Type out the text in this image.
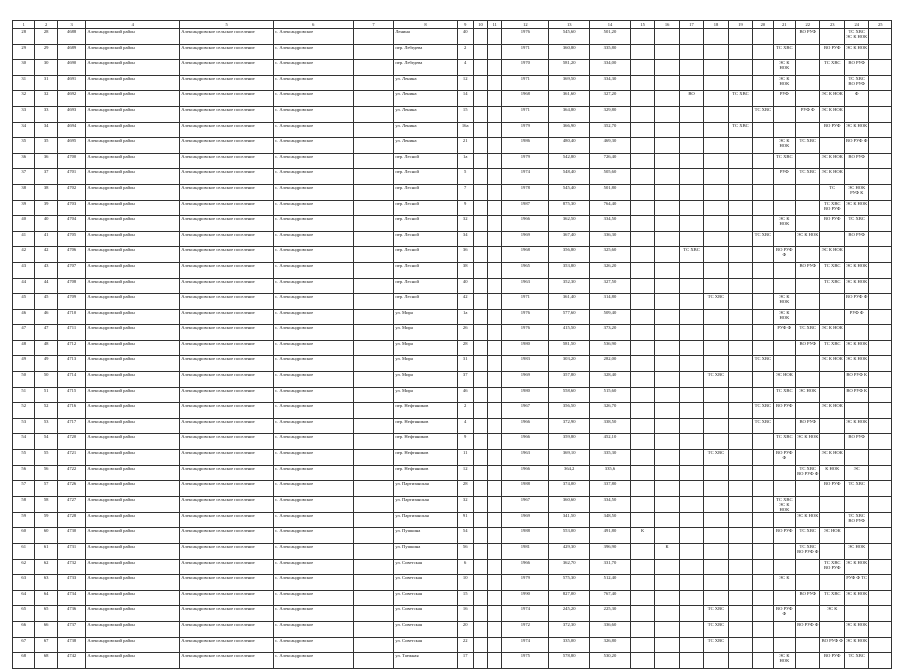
1	2	3	4	5	6	7	8	9	10	11	12	13	14	15	16	17	18	19	20	21	22	23	24	25
28	28	4688	Александровский район	Александровское сельское поселение	с. Александровское		Ленина	40			1976	545,60	501,20								ВО РУФ		ТС ХВС ЭС К НОК	
29	29	4689	Александровский район	Александровское сельское поселение	с. Александровское		пер. Лебедева	2			1971	360,80	335,80							ТС ХВС		ВО РУФ	ЭС К НОК	
30	30	4690	Александровский район	Александровское сельское поселение	с. Александровское		пер. Лебедева	4			1970	581,20	334,00							ЭС К НОК		ТС ХВС	ВО РУФ	
31	31	4691	Александровский район	Александровское сельское поселение	с. Александровское		ул. Ленина	12			1971	369,50	334,30							ЭС К НОК			ТС ХВС ВО РУФ	
32	32	4692	Александровский район	Александровское сельское поселение	с. Александровское		ул. Ленина	14			1968	361,60	327,20			ВО		ТС ХВС		РУФ		ЭС К НОК	Ф	
33	33	4693	Александровский район	Александровское сельское поселение	с. Александровское		ул. Ленина	15			1971	364,80	329,80						ТС ХВС		РУФ Ф	ЭС К НОК		
34	34	4694	Александровский район	Александровское сельское поселение	с. Александровское		ул. Ленина	16а			1979	366,90	352,70					ТС ХВС				ВО РУФ	ЭС К НОК	
35	35	4695	Александровский район	Александровское сельское поселение	с. Александровское		ул. Ленина	21			1986	480,40	469,30							ЭС К НОК	ТС ХВС		ВО РУФ Ф	
36	36	4700	Александровский район	Александровское сельское поселение	с. Александровское		пер. Лесной	1а			1979	542,80	726,40							ТС ХВС		ЭС К НОК	ВО РУФ	
37	37	4701	Александровский район	Александровское сельское поселение	с. Александровское		пер. Лесной	5			1974	548,40	505,60							РУФ	ТС ХВС	ЭС К НОК		
38	38	4702	Александровский район	Александровское сельское поселение	с. Александровское		пер. Лесной	7			1978	545,40	501,80									ТС	ЭС НОК РУФ К	
39	39	4703	Александровский район	Александровское сельское поселение	с. Александровское		пер. Лесной	9			1987	875,30	764,40									ТС ХВС ВО РУФ	ЭС К НОК	
40	40	4704	Александровский район	Александровское сельское поселение	с. Александровское		пер. Лесной	32			1966	362,50	334,50							ЭС К НОК		ВО РУФ	ТС ХВС	
41	41	4705	Александровский район	Александровское сельское поселение	с. Александровское		пер. Лесной	34			1969	367,40	336,30						ТС ХВС		ЭС К НОК		ВО РУФ	
42	42	4706	Александровский район	Александровское сельское поселение	с. Александровское		пер. Лесной	36			1968	356,80	325,60			ТС ХВС				ВО РУФ Ф		ЭС К НОК		
43	43	4707	Александровский район	Александровское сельское поселение	с. Александровское		пер. Лесной	38			1965	353,80	326,20								ВО РУФ	ТС ХВС	ЭС К НОК	
44	44	4708	Александровский район	Александровское сельское поселение	с. Александровское		пер. Лесной	40			1963	352,30	327,50									ТС ХВС	ЭС К НОК	
45	45	4709	Александровский район	Александровское сельское поселение	с. Александровское		пер. Лесной	42			1971	361,40	314,80				ТС ХВС			ЭС К НОК			ВО РУФ Ф	
46	46	4710	Александровский район	Александровское сельское поселение	с. Александровское		ул. Мира	1а			1976	577,60	509,40							ЭС К НОК			РУФ Ф	
47	47	4711	Александровский район	Александровское сельское поселение	с. Александровское		ул. Мира	26			1976	415,50	373,20							РУФ Ф	ТС ХВС	ЭС К НОК		
48	48	4712	Александровский район	Александровское сельское поселение	с. Александровское		ул. Мира	28			1980	581,50	536,90								ВО РУФ	ТС ХВС	ЭС К НОК	
49	49	4713	Александровский район	Александровское сельское поселение	с. Александровское		ул. Мира	31			1983	303,20	282,00						ТС ХВС			ЭС К НОК	ЭС К НОК	
50	50	4714	Александровский район	Александровское сельское поселение	с. Александровское		ул. Мира	37			1969	357,80	328,40				ТС ХВС			ЭС НОК			ВО РУФ К	
51	51	4715	Александровский район	Александровское сельское поселение	с. Александровское		ул. Мира	46			1980	558,60	515,60							ТС ХВС	ЭС НОК		ВО РУФ К	
52	52	4716	Александровский район	Александровское сельское поселение	с. Александровское		пер. Нефтяников	2			1967	356,50	326,70						ТС ХВС	ВО РУФ		ЭС К НОК		
53	53	4717	Александровский район	Александровское сельское поселение	с. Александровское		пер. Нефтяников	4			1966	372,90	338,50						ТС ХВС		ВО РУФ		ЭС К НОК	
54	54	4720	Александровский район	Александровское сельское поселение	с. Александровское		пер. Нефтяников	9			1966	359,80	452,10							ТС ХВС	ЭС К НОК		ВО РУФ	
55	55	4721	Александровский район	Александровское сельское поселение	с. Александровское		пер. Нефтяников	11			1963	369,10	335,30				ТС ХВС			ВО РУФ Ф		ЭС К НОК		
56	56	4722	Александровский район	Александровское сельское поселение	с. Александровское		пер. Нефтяников	12			1966	364,2	335,6								ТС ХВС ВО РУФ Ф	К НОК	ЭС	
57	57	4726	Александровский район	Александровское сельское поселение	с. Александровское		ул. Партизанская	28			1988	374,00	337,80									ВО РУФ	ТС ХВС	
58	58	4727	Александровский район	Александровское сельское поселение	с. Александровское		ул. Партизанская	32			1967	360,60	334,50							ТС ХВС ЭС К НОК				
59	59	4728	Александровский район	Александровское сельское поселение	с. Александровское		ул. Партизанская	91			1969	341,50	348,50								ЭС К НОК		ТС ХВС ВО РУФ	
60	60	4730	Александровский район	Александровское сельское поселение	с. Александровское		ул. Пушкина	54			1988	553,00	491,80	К						ВО РУФ	ТС ХВС	ЭС НОК		
61	61	4731	Александровский район	Александровское сельское поселение	с. Александровское		ул. Пушкина	56			1981	429,30	396,90		К						ТС ХВС ВО РУФ Ф		ЭС НОК	
62	62	4732	Александровский район	Александровское сельское поселение	с. Александровское		ул. Советская	6			1966	362,70	331,70									ТС ХВС ВО РУФ	ЭС К НОК	
63	63	4733	Александровский район	Александровское сельское поселение	с. Александровское		ул. Советская	10			1979	575,30	512,40							ЭС К			РУФ Ф ТС	
64	64	4734	Александровский район	Александровское сельское поселение	с. Александровское		ул. Советская	15			1990	827,00	767,40								ВО РУФ	ТС ХВС	ЭС К НОК	
65	65	4736	Александровский район	Александровское сельское поселение	с. Александровское		ул. Советская	16			1974	245,20	225,30				ТС ХВС			ВО РУФ Ф		ЭС К		
66	66	4737	Александровский район	Александровское сельское поселение	с. Александровское		ул. Советская	20			1972	372,30	336,60				ТС ХВС				ВО РУФ Ф		ЭС К НОК	
67	67	4738	Александровский район	Александровское сельское поселение	с. Александровское		ул. Советская	22			1974	335,00	326,80				ТС ХВС					ВО РУФ Ф	ЭС К НОК	
68	68	4742	Александровский район	Александровское сельское поселение	с. Александровское		ул. Таежная	17			1975	578,80	530,20							ЭС К НОК		ВО РУФ	ТС ХВС	
